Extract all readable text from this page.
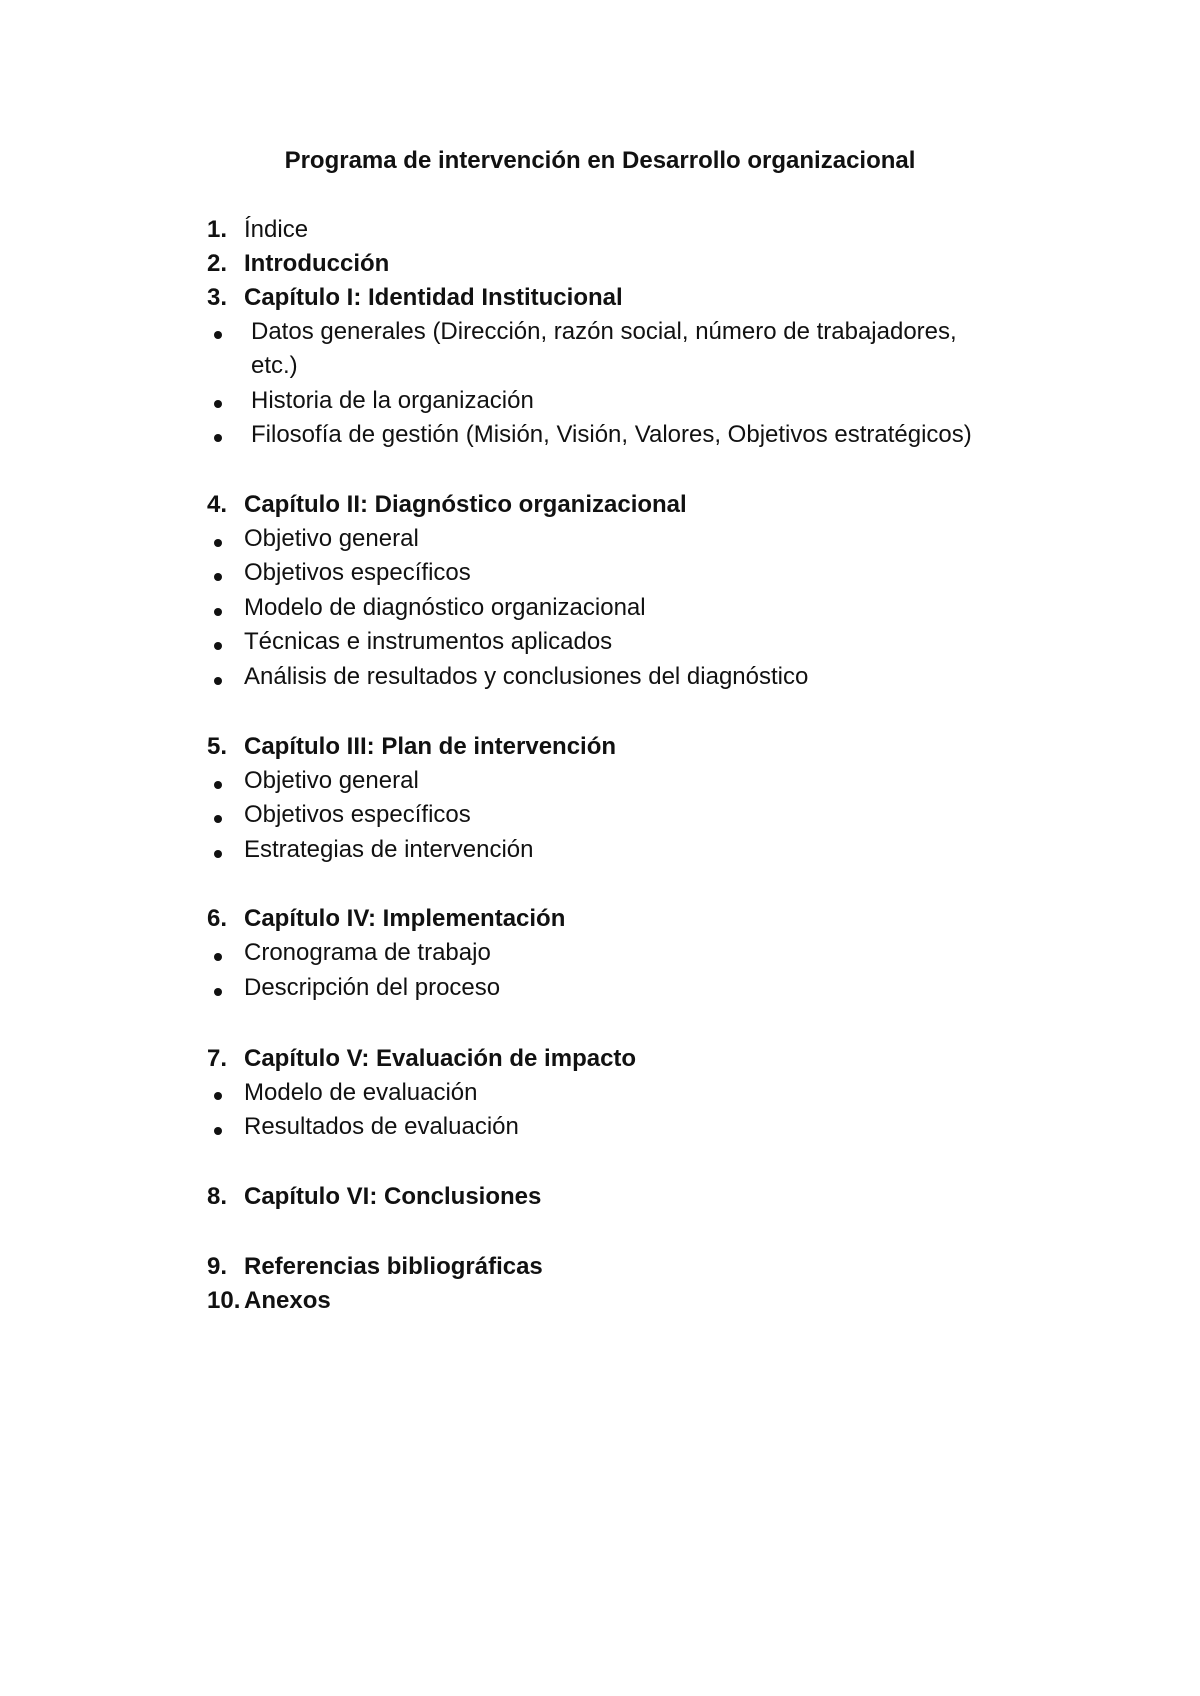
Programa de intervención en Desarrollo organizacional
1. Índice
2. Introducción
3. Capítulo I: Identidad Institucional
Datos generales (Dirección, razón social, número de trabajadores,
etc.)
Historia de la organización
Filosofía de gestión (Misión, Visión, Valores, Objetivos estratégicos)
4. Capítulo II: Diagnóstico organizacional
Objetivo general
Objetivos específicos
Modelo de diagnóstico organizacional
Técnicas e instrumentos aplicados
Análisis de resultados y conclusiones del diagnóstico
5. Capítulo III: Plan de intervención
Objetivo general
Objetivos específicos
Estrategias de intervención
6. Capítulo IV: Implementación
Cronograma de trabajo
Descripción del proceso
7. Capítulo V: Evaluación de impacto
Modelo de evaluación
Resultados de evaluación
8. Capítulo VI: Conclusiones
9. Referencias bibliográficas
10. Anexos
